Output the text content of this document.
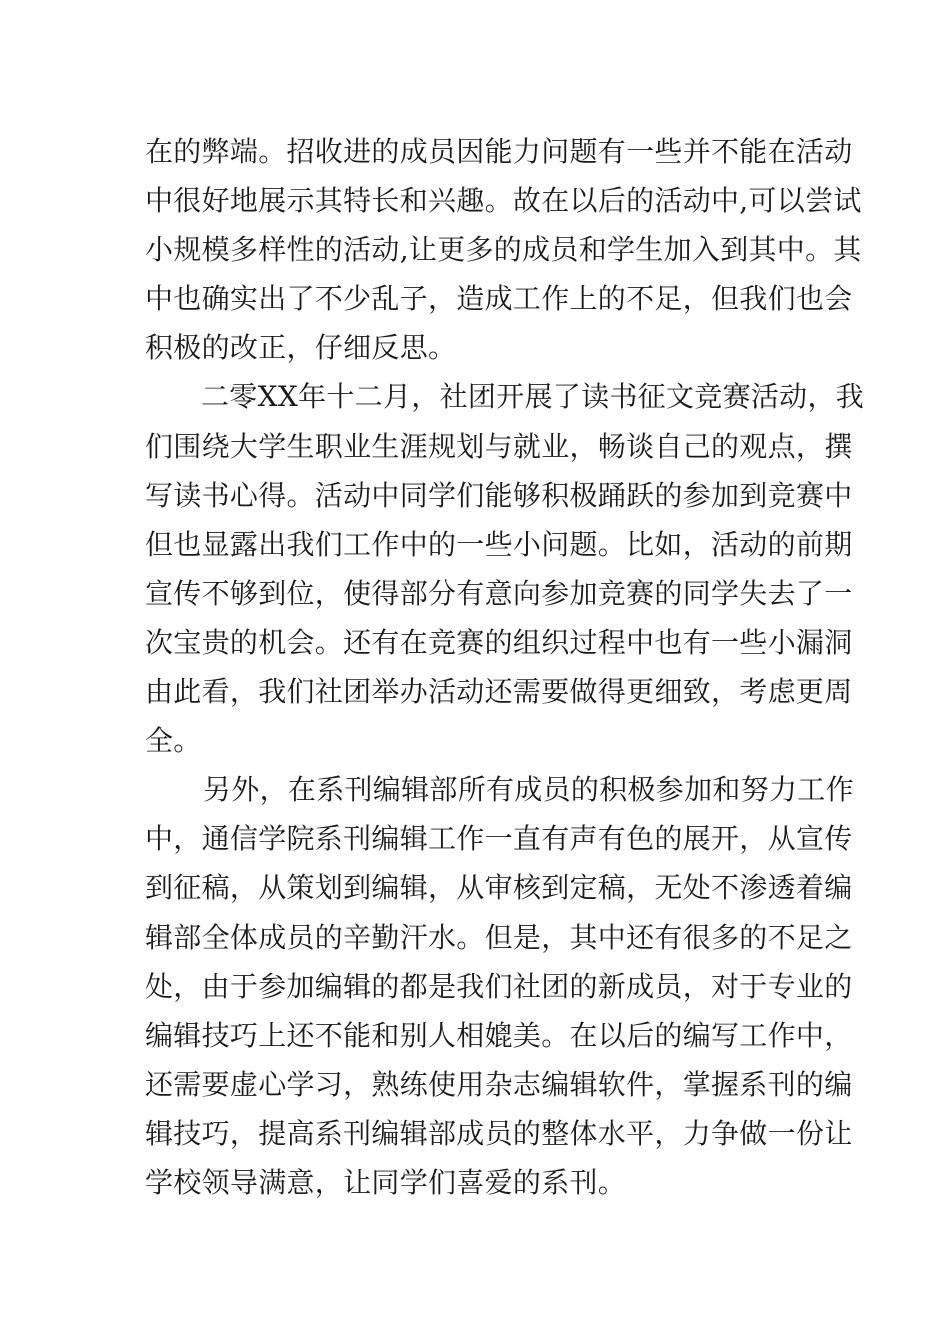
在的弊端。招收进的成员因能力问题有一些并不能在活动
中很好地展示其特长和兴趣。故在以后的活动中,可以尝试
小规模多样性的活动,让更多的成员和学生加入到其中。其
中也确实出了不少乱子，造成工作上的不足，但我们也会
积极的改正，仔细反思。
二零XX年十二月，社团开展了读书征文竞赛活动，我
们围绕大学生职业生涯规划与就业，畅谈自己的观点，撰
写读书心得。活动中同学们能够积极踊跃的参加到竞赛中
但也显露出我们工作中的一些小问题。比如，活动的前期
宣传不够到位，使得部分有意向参加竞赛的同学失去了一
次宝贵的机会。还有在竞赛的组织过程中也有一些小漏洞
由此看，我们社团举办活动还需要做得更细致，考虑更周
全。
另外，在系刊编辑部所有成员的积极参加和努力工作
中，通信学院系刊编辑工作一直有声有色的展开，从宣传
到征稿，从策划到编辑，从审核到定稿，无处不渗透着编
辑部全体成员的辛勤汗水。但是，其中还有很多的不足之
处，由于参加编辑的都是我们社团的新成员，对于专业的
编辑技巧上还不能和别人相媲美。在以后的编写工作中，
还需要虚心学习，熟练使用杂志编辑软件，掌握系刊的编
辑技巧，提高系刊编辑部成员的整体水平，力争做一份让
学校领导满意，让同学们喜爱的系刊。
